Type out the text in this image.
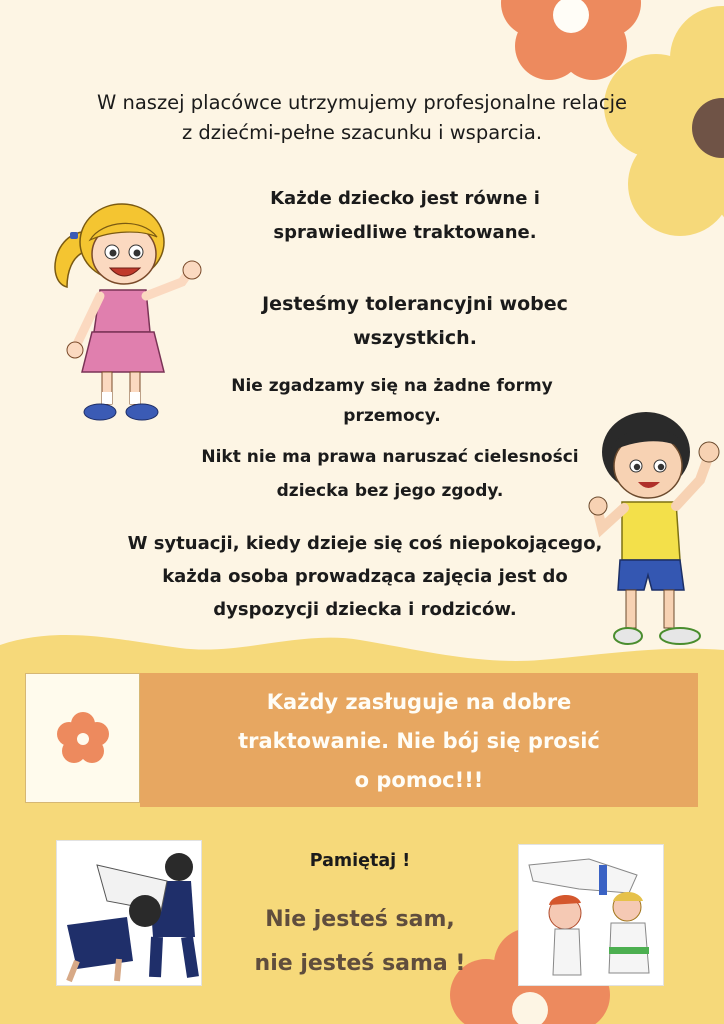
W naszej placówce utrzymujemy profesjonalne relacje
z dziećmi-pełne szacunku i wsparcia.
Każde dziecko jest równe i
sprawiedliwe traktowane.
Jesteśmy tolerancyjni wobec
wszystkich.
Nie zgadzamy się na żadne formy
przemocy.
Nikt nie ma prawa naruszać cielesności
dziecka bez jego zgody.
W sytuacji, kiedy dzieje się coś niepokojącego,
każda osoba prowadząca zajęcia jest do
dyspozycji dziecka i rodziców.
Każdy zasługuje na dobre
traktowanie. Nie bój się prosić
o pomoc!!!
Pamiętaj !
Nie jesteś sam,
nie jesteś sama !
